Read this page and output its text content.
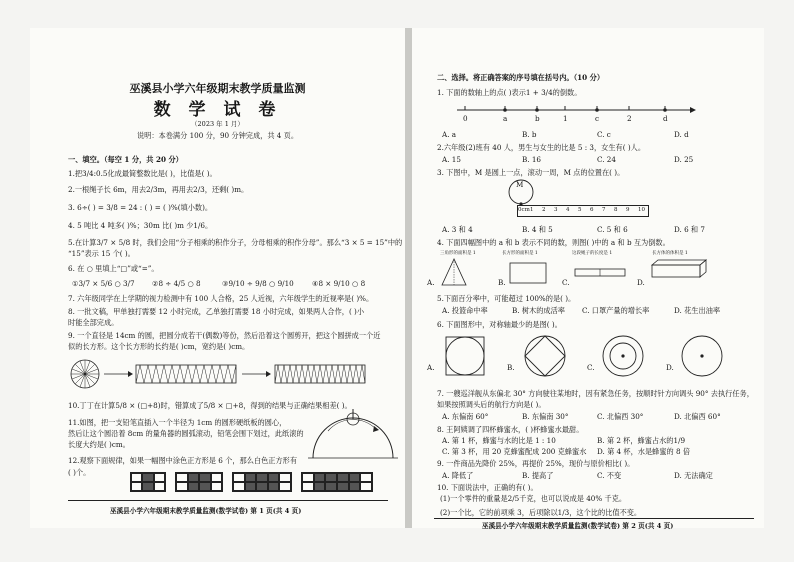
巫溪县小学六年级期末教学质量监测
数 学 试 卷
（2023 年 1 月）
说明：本卷满分 100 分，90 分钟完成，共 4 页。
一、填空。（每空 1 分，共 20 分）
1.把3/4:0.5化成最简整数比是( )，比值是( )。
2.一根绳子长 6m，用去2/3m，再用去2/3，还剩( )m。
3. 6÷( ) = 3/8 = 24 : ( ) = ( )%(填小数)。
4. 5 吨比 4 吨多( )%；30m 比( )m 少1/6。
5.在计算3/7 × 5/8 时，我们会用“分子相乘的积作分子，分母相乘的积作分母”。那么“3 × 5 = 15”中的
“15”表示 15 个( )。
6. 在 ○ 里填上“□”或“=”。
①3/7 × 5/6 ○ 3/7 ②8 ÷ 4/5 ○ 8	③9/10 ÷ 9/8 ○ 9/10	④8 × 9/10 ○ 8
7. 六年级同学在上学期的视力检测中有 100 人合格，25 人近视，六年级学生的近视率是( )%。
8. 一批文稿，甲单独打需要 12 小时完成，乙单独打需要 18 小时完成，如果两人合作，( )小
时能全部完成。
9. 一个直径是 14cm 的圆，把圆分成若干(偶数)等份，然后沿着这个圆剪开，把这个圆拼成一个近
似的长方形。这个长方形的长约是( )cm，宽约是( )cm。
10.丁丁在计算5/8 × (□+8)时，错算成了5/8 × □+8，得到的结果与正确结果相差( )。
11.如图，把一支铅笔直插入一个半径为 1cm 的圆形硬纸板的圆心，
然后让这个圆沿着 8cm 的量角器的圆弧滚动，铅笔会围下划过，此纸滚的
长度大约是( )cm。
12.观察下面规律，如果一幅图中涂色正方形是 6 个，那么白色正方形有
( )个。
巫溪县小学六年级期末教学质量监测(数学试卷) 第 1 页(共 4 页)
二、选择。将正确答案的序号填在括号内。（10 分）
1. 下面的数轴上的点( )表示1 + 3/4的倒数。
0	a	b	1	c	2	d
A. a	B. b	C. c	D. d
2.六年级(2)班有 40 人，男生与女生的比是 5 : 3，女生有( )人。
A. 15	B. 16	C. 24	D. 25
3. 下图中，M 是圆上一点，滚动一周，M 点的位置在( )。
M
0cm 1 2 3 4 5 6 7 8 9 10
A. 3 和 4	B. 4 和 5	C. 5 和 6	D. 6 和 7
4. 下面四幅图中的 a 和 b 表示不同的数，则图( )中的 a 和 b 互为倒数。
三角形的面积是 1	长方形的面积是 1	这段绳子的长度是 1	长方体的体积是 1
A.	B.	C.	D.
5.下面百分率中，可能超过 100%的是( )。
A. 投篮命中率	B. 树木的成活率 C. 口罩产量的增长率	D. 花生出油率
6. 下面图形中，对称轴最少的是图( )。
A.	B.	C.	D.
7. 一艘巡洋舰从东偏北 30° 方向驶往某地时，因有紧急任务，按顺时针方向调头 90° 去执行任务，
如果按照调头后的航行方向是( )。
A. 东偏南 60°	B. 东偏南 30°	C. 北偏西 30°	D. 北偏西 60°
8. 王阿姨调了四杯蜂蜜水，( )杯蜂蜜水最甜。
A. 第 1 杯，蜂蜜与水的比是 1 : 10	B. 第 2 杯，蜂蜜占水的1/9
C. 第 3 杯，用 20 克蜂蜜配成 200 克蜂蜜水 D. 第 4 杯，水是蜂蜜的 8 倍
9. 一件商品先降价 25%，再提价 25%，现价与原价相比( )。
A. 降低了	B. 提高了	C. 不变	D. 无法确定
10. 下面说法中，正确的有( )。
(1)一个零件的重量是2/5千克，也可以说成是 40% 千克。
(2)一个比，它的前项乘 3，后项除以1/3，这个比的比值不变。
巫溪县小学六年级期末教学质量监测(数学试卷) 第 2 页(共 4 页)
